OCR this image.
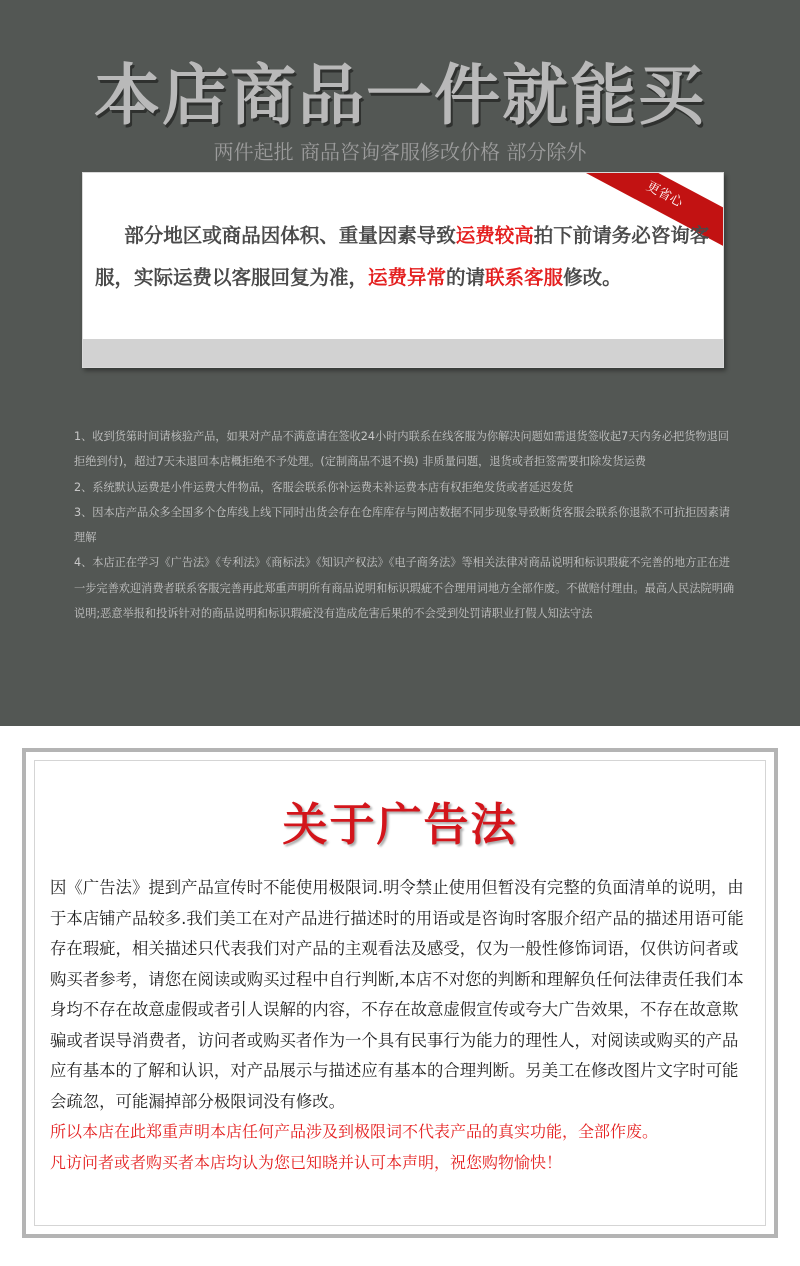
本店商品一件就能买
两件起批 商品咨询客服修改价格 部分除外
更省心
  部分地区或商品因体积、重量因素导致运费较高拍下前请务必咨询客服，实际运费以客服回复为准，运费异常的请联系客服修改。

1、收到货第时间请核验产品，如果对产品不满意请在签收24小时内联系在线客服为你解决问题如需退货签收起7天内务必把货物退回拒绝到付)，超过7天未退回本店概拒绝不予处理。(定制商品不退不换) 非质量问题，退货或者拒签需要扣除发货运费

2、系统默认运费是小件运费大件物品，客服会联系你补运费未补运费本店有权拒绝发货或者延迟发货

3、因本店产品众多全国多个仓库线上线下同时出货会存在仓库库存与网店数据不同步现象导致断货客服会联系你退款不可抗拒因素请理解

4、本店正在学习《广告法》《专利法》《商标法》《知识产权法》《电子商务法》等相关法律对商品说明和标识瑕疵不完善的地方正在进一步完善欢迎消费者联系客服完善再此郑重声明所有商品说明和标识瑕疵不合理用词地方全部作废。不做赔付理由。最高人民法院明确说明;恶意举报和投诉针对的商品说明和标识瑕疵没有造成危害后果的不会受到处罚请职业打假人知法守法

关于广告法

因《广告法》提到产品宣传时不能使用极限词.明令禁止使用但暂没有完整的负面清单的说明，由于本店铺产品较多.我们美工在对产品进行描述时的用语或是咨询时客服介绍产品的描述用语可能存在瑕疵，相关描述只代表我们对产品的主观看法及感受，仅为一般性修饰词语，仅供访问者或购买者参考，请您在阅读或购买过程中自行判断,本店不对您的判断和理解负任何法律责任我们本身均不存在故意虚假或者引人误解的内容，不存在故意虚假宣传或夸大广告效果，不存在故意欺骗或者误导消费者，访问者或购买者作为一个具有民事行为能力的理性人，对阅读或购买的产品应有基本的了解和认识，对产品展示与描述应有基本的合理判断。另美工在修改图片文字时可能会疏忽，可能漏掉部分极限词没有修改。

所以本店在此郑重声明本店任何产品涉及到极限词不代表产品的真实功能，全部作废。

凡访问者或者购买者本店均认为您已知晓并认可本声明，祝您购物愉快！
